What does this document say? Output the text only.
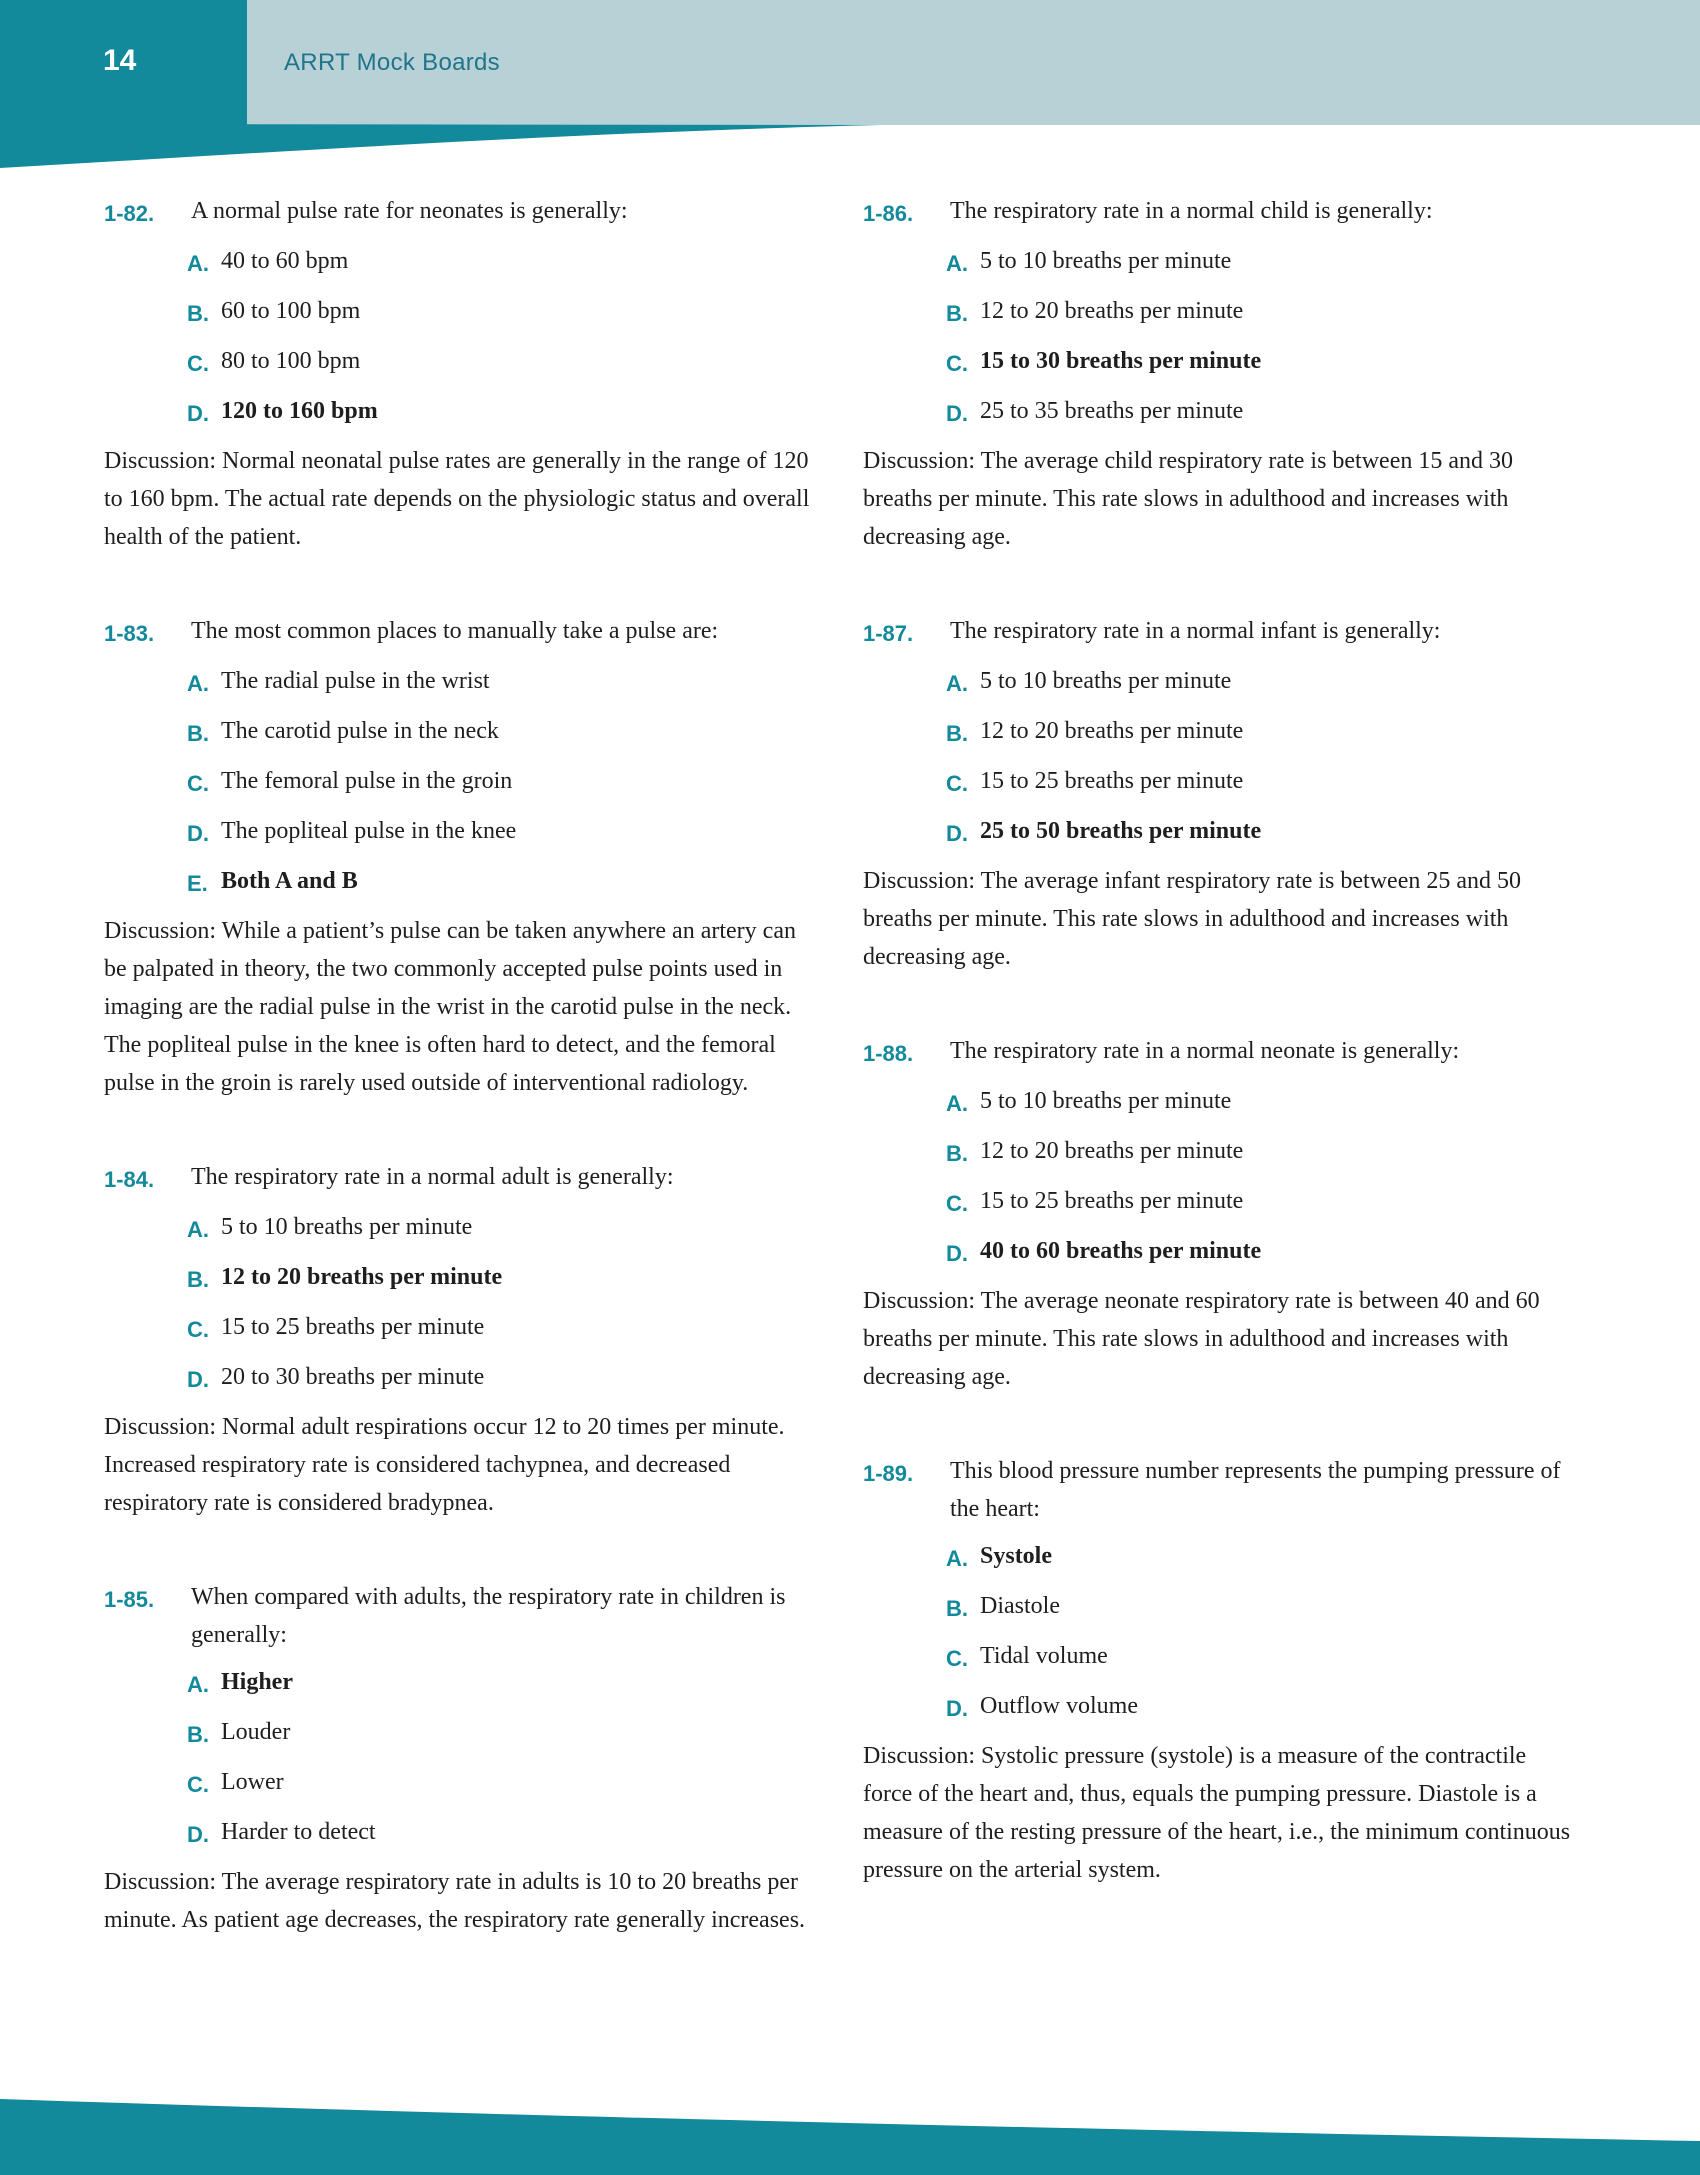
14	ARRT Mock Boards
1-82.	A normal pulse rate for neonates is generally:
A. 40 to 60 bpm
B. 60 to 100 bpm
C. 80 to 100 bpm
D. 120 to 160 bpm

Discussion: Normal neonatal pulse rates are generally in the range of 120 to 160 bpm. The actual rate depends on the physiologic status and overall health of the patient.

1-83.	The most common places to manually take a pulse are:
A. The radial pulse in the wrist
B. The carotid pulse in the neck
C. The femoral pulse in the groin
D. The popliteal pulse in the knee
E. Both A and B

Discussion: While a patient’s pulse can be taken anywhere an artery can be palpated in theory, the two commonly accepted pulse points used in imaging are the radial pulse in the wrist in the carotid pulse in the neck. The popliteal pulse in the knee is often hard to detect, and the femoral pulse in the groin is rarely used outside of interventional radiology.

1-84.	The respiratory rate in a normal adult is generally:
A. 5 to 10 breaths per minute
B. 12 to 20 breaths per minute
C. 15 to 25 breaths per minute
D. 20 to 30 breaths per minute

Discussion: Normal adult respirations occur 12 to 20 times per minute. Increased respiratory rate is considered tachypnea, and decreased respiratory rate is considered bradypnea.

1-85.	When compared with adults, the respiratory rate in children is generally:
A. Higher
B. Louder
C. Lower
D. Harder to detect

Discussion: The average respiratory rate in adults is 10 to 20 breaths per minute. As patient age decreases, the respiratory rate generally increases.

1-86.	The respiratory rate in a normal child is generally:
A. 5 to 10 breaths per minute
B. 12 to 20 breaths per minute
C. 15 to 30 breaths per minute
D. 25 to 35 breaths per minute

Discussion: The average child respiratory rate is between 15 and 30 breaths per minute. This rate slows in adulthood and increases with decreasing age.

1-87.	The respiratory rate in a normal infant is generally:
A. 5 to 10 breaths per minute
B. 12 to 20 breaths per minute
C. 15 to 25 breaths per minute
D. 25 to 50 breaths per minute

Discussion: The average infant respiratory rate is between 25 and 50 breaths per minute. This rate slows in adulthood and increases with decreasing age.

1-88.	The respiratory rate in a normal neonate is generally:
A. 5 to 10 breaths per minute
B. 12 to 20 breaths per minute
C. 15 to 25 breaths per minute
D. 40 to 60 breaths per minute

Discussion: The average neonate respiratory rate is between 40 and 60 breaths per minute. This rate slows in adulthood and increases with decreasing age.

1-89.	This blood pressure number represents the pumping pressure of the heart:
A. Systole
B. Diastole
C. Tidal volume
D. Outflow volume

Discussion: Systolic pressure (systole) is a measure of the contractile force of the heart and, thus, equals the pumping pressure. Diastole is a measure of the resting pressure of the heart, i.e., the minimum continuous pressure on the arterial system.
